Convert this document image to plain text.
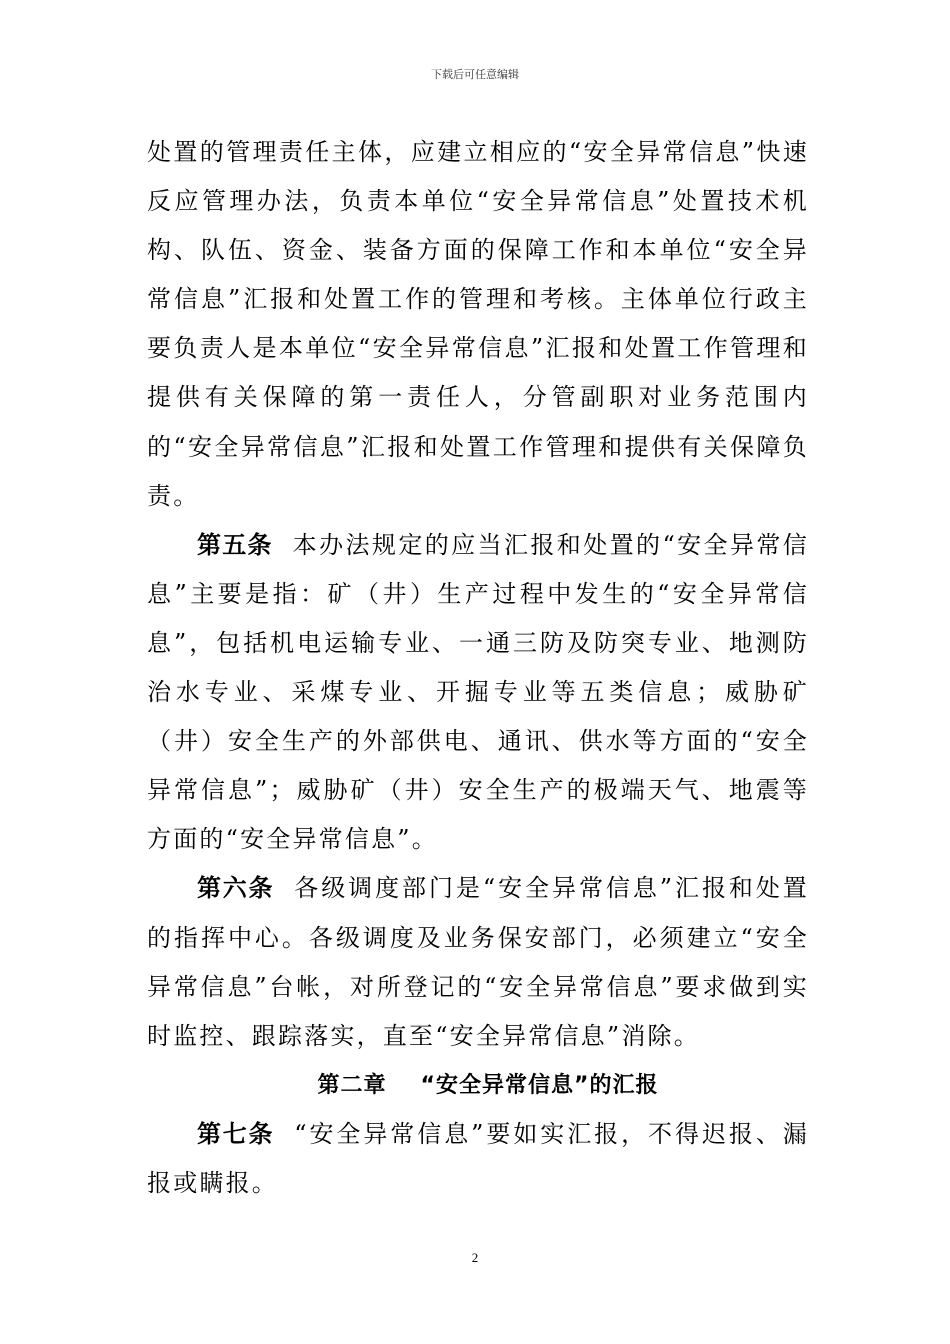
下载后可任意编辑

处置的管理责任主体，应建立相应的“安全异常信息”快速反应管理办法，负责本单位“安全异常信息”处置技术机构、队伍、资金、装备方面的保障工作和本单位“安全异常信息”汇报和处置工作的管理和考核。主体单位行政主要负责人是本单位“安全异常信息”汇报和处置工作管理和提供有关保障的第一责任人，分管副职对业务范围内的“安全异常信息”汇报和处置工作管理和提供有关保障负责。

第五条 本办法规定的应当汇报和处置的“安全异常信息”主要是指：矿（井）生产过程中发生的“安全异常信息”，包括机电运输专业、一通三防及防突专业、地测防治水专业、采煤专业、开掘专业等五类信息；威胁矿（井）安全生产的外部供电、通讯、供水等方面的“安全异常信息”；威胁矿（井）安全生产的极端天气、地震等方面的“安全异常信息”。

第六条 各级调度部门是“安全异常信息”汇报和处置的指挥中心。各级调度及业务保安部门，必须建立“安全异常信息”台帐，对所登记的“安全异常信息”要求做到实时监控、跟踪落实，直至“安全异常信息”消除。

第二章 “安全异常信息”的汇报

第七条 “安全异常信息”要如实汇报，不得迟报、漏报或瞒报。

2
